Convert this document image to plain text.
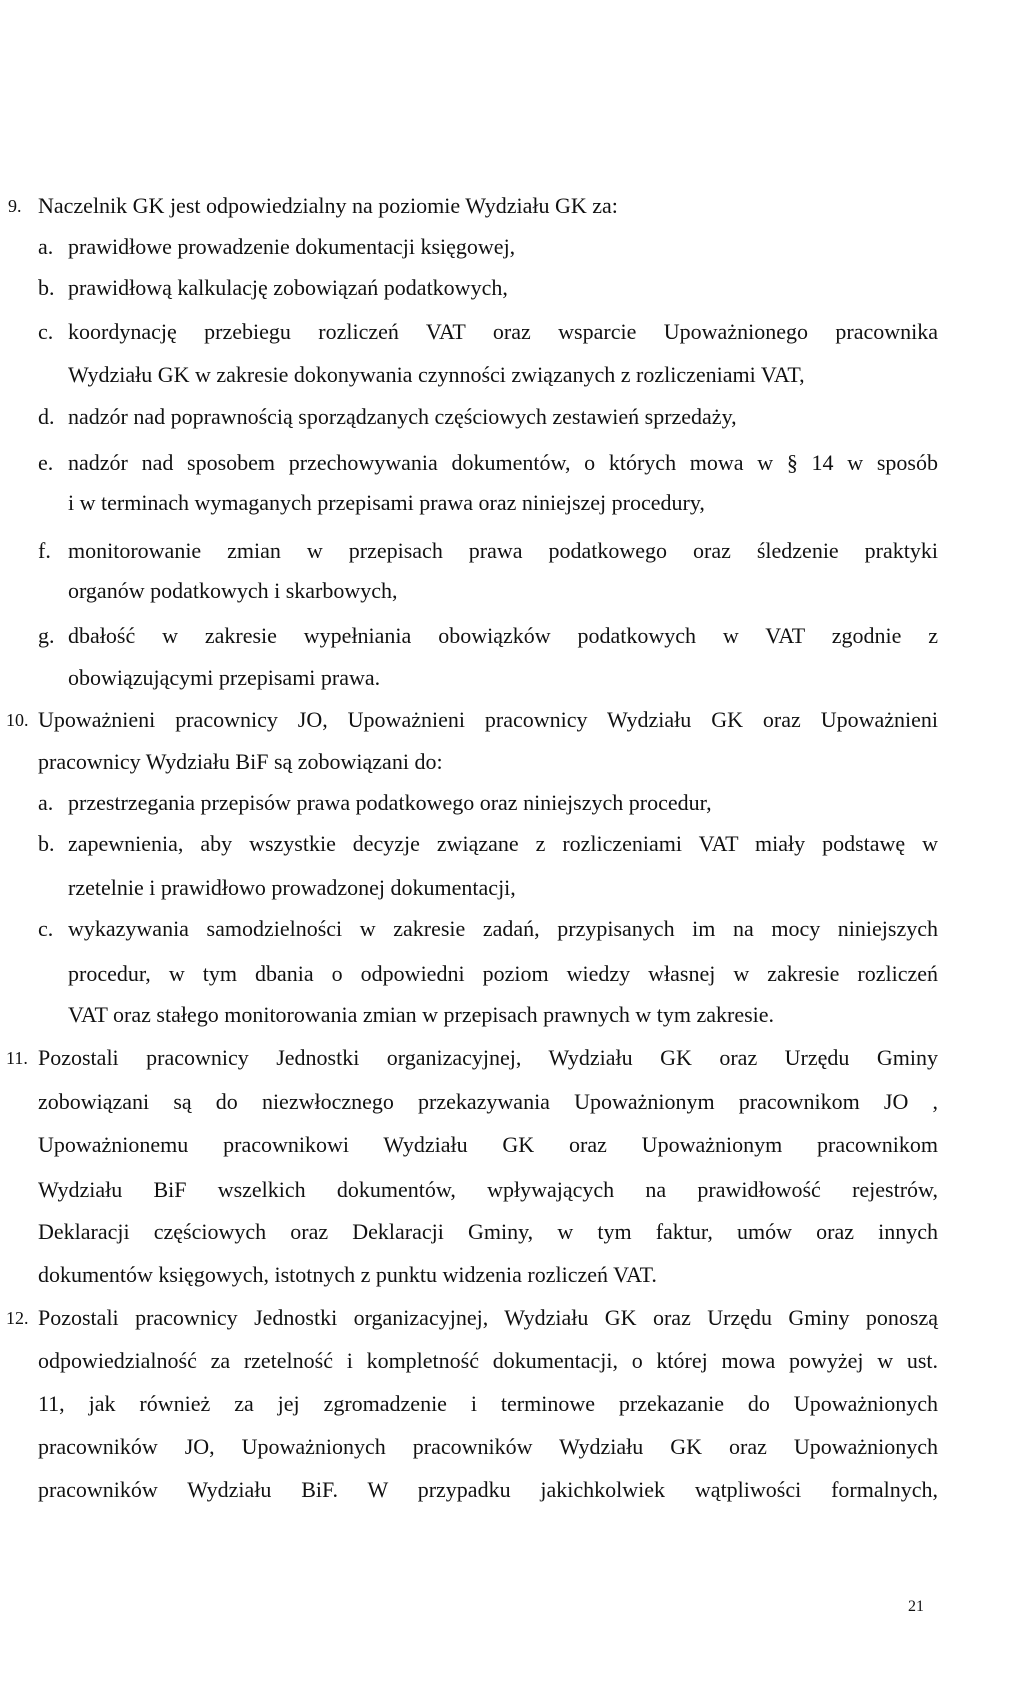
9. Naczelnik GK jest odpowiedzialny na poziomie Wydziału GK za:
a. prawidłowe prowadzenie dokumentacji księgowej,
b. prawidłową kalkulację zobowiązań podatkowych,
c. koordynację przebiegu rozliczeń VAT oraz wsparcie Upoważnionego pracownika
Wydziału GK w zakresie dokonywania czynności związanych z rozliczeniami VAT,
d. nadzór nad poprawnością sporządzanych częściowych zestawień sprzedaży,
e. nadzór nad sposobem przechowywania dokumentów, o których mowa w § 14 w sposób
i w terminach wymaganych przepisami prawa oraz niniejszej procedury,
f. monitorowanie zmian w przepisach prawa podatkowego oraz śledzenie praktyki
organów podatkowych i skarbowych,
g. dbałość w zakresie wypełniania obowiązków podatkowych w VAT zgodnie z
obowiązującymi przepisami prawa.
10. Upoważnieni pracownicy JO, Upoważnieni pracownicy Wydziału GK oraz Upoważnieni
pracownicy Wydziału BiF są zobowiązani do:
a. przestrzegania przepisów prawa podatkowego oraz niniejszych procedur,
b. zapewnienia, aby wszystkie decyzje związane z rozliczeniami VAT miały podstawę w
rzetelnie i prawidłowo prowadzonej dokumentacji,
c. wykazywania samodzielności w zakresie zadań, przypisanych im na mocy niniejszych
procedur, w tym dbania o odpowiedni poziom wiedzy własnej w zakresie rozliczeń
VAT oraz stałego monitorowania zmian w przepisach prawnych w tym zakresie.
11. Pozostali pracownicy Jednostki organizacyjnej, Wydziału GK oraz Urzędu Gminy
zobowiązani są do niezwłocznego przekazywania Upoważnionym pracownikom JO ,
Upoważnionemu pracownikowi Wydziału GK oraz Upoważnionym pracownikom
Wydziału BiF wszelkich dokumentów, wpływających na prawidłowość rejestrów,
Deklaracji częściowych oraz Deklaracji Gminy, w tym faktur, umów oraz innych
dokumentów księgowych, istotnych z punktu widzenia rozliczeń VAT.
12. Pozostali pracownicy Jednostki organizacyjnej, Wydziału GK oraz Urzędu Gminy ponoszą
odpowiedzialność za rzetelność i kompletność dokumentacji, o której mowa powyżej w ust.
11, jak również za jej zgromadzenie i terminowe przekazanie do Upoważnionych
pracowników JO, Upoważnionych pracowników Wydziału GK oraz Upoważnionych
pracowników Wydziału BiF. W przypadku jakichkolwiek wątpliwości formalnych,
21
